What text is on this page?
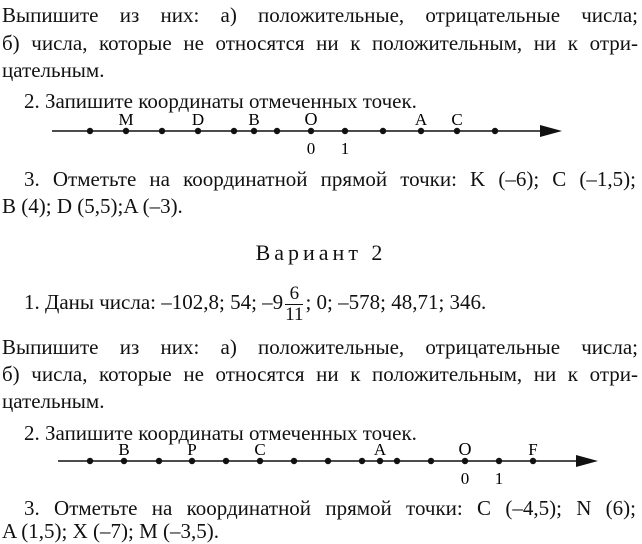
Выпишите из них: а) положительные, отрицательные числа;
б) числа, которые не относятся ни к положительным, ни к отри-
цательным.
2. Запишите координаты отмеченных точек.
M	D	B O	A C
0 1
3. Отметьте на координатной прямой точки: K (–6); C (–1,5);
B (4); D (5,5);A (–3).
Вариант 2
1. Даны числа: –102,8; 54; $-9 \frac{6}{11}$ ; 0; –578; 48,71; 346.
Выпишите из них: а) положительные, отрицательные числа;
б) числа, которые не относятся ни к положительным, ни к отри-
цательным.
2. Запишите координаты отмеченных точек.
B	P	C	A	O	F
0 1
3. Отметьте на координатной прямой точки: C (–4,5); N (6);
A (1,5); X (–7); M (–3,5).
